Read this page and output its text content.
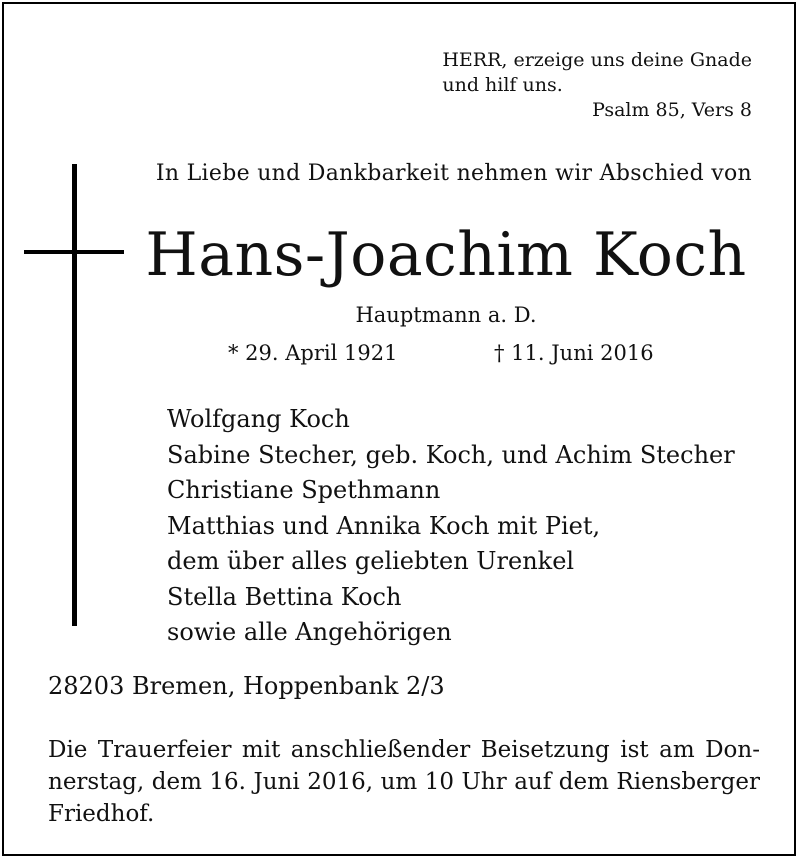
HERR, erzeige uns deine Gnade
und hilf uns.
Psalm 85, Vers 8
In Liebe und Dankbarkeit nehmen wir Abschied von
Hans-Joachim Koch
Hauptmann a. D.
* 29. April 1921	† 11. Juni 2016
Wolfgang Koch
Sabine Stecher, geb. Koch, und Achim Stecher
Christiane Spethmann
Matthias und Annika Koch mit Piet,
dem über alles geliebten Urenkel
Stella Bettina Koch
sowie alle Angehörigen
28203 Bremen, Hoppenbank 2/3
Die Trauerfeier mit anschließender Beisetzung ist am Donnerstag, dem 16. Juni 2016, um 10 Uhr auf dem Riensberger Friedhof.
